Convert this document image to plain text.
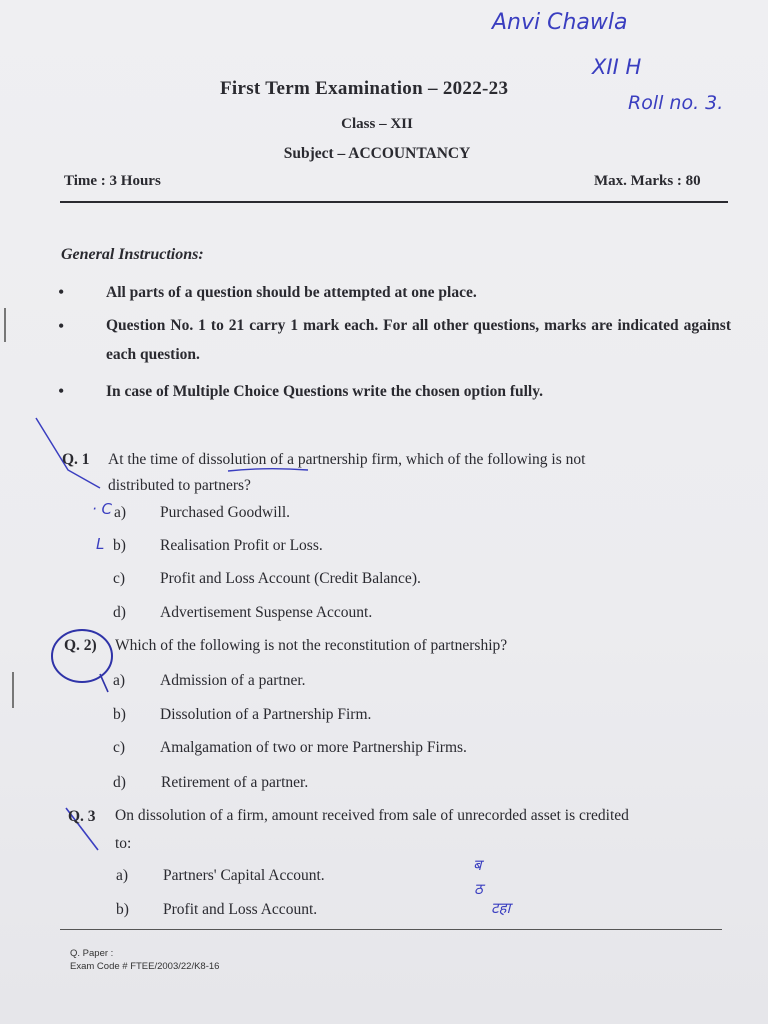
Anvi Chawla
XII H
Roll no. 3.
First Term Examination – 2022-23
Class – XII
Subject – ACCOUNTANCY
Time : 3 Hours	Max. Marks : 80
General Instructions:
•	All parts of a question should be attempted at one place.
•	Question No. 1 to 21 carry 1 mark each. For all other questions, marks are indicated against each question.
•	In case of Multiple Choice Questions write the chosen option fully.
Q. 1 At the time of dissolution of a partnership firm, which of the following is not
distributed to partners?
· C a) Purchased Goodwill.
L b) Realisation Profit or Loss.
c) Profit and Loss Account (Credit Balance).
d) Advertisement Suspense Account.
Q. 2) Which of the following is not the reconstitution of partnership?
a) Admission of a partner.
b) Dissolution of a Partnership Firm.
c) Amalgamation of two or more Partnership Firms.
d) Retirement of a partner.
Q. 3 On dissolution of a firm, amount received from sale of unrecorded asset is credited
to:
a) Partners' Capital Account.
b) Profit and Loss Account.
ब
ठ
टहा
Q. Paper :
Exam Code # FTEE/2003/22/K8-16
